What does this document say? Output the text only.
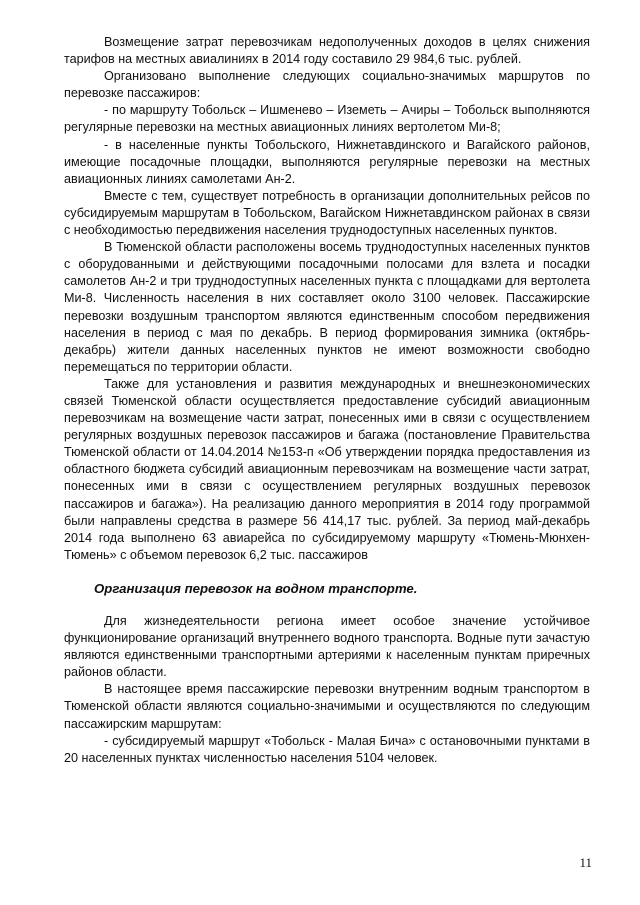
Возмещение затрат перевозчикам недополученных доходов в целях снижения тарифов на местных авиалиниях в 2014 году составило 29 984,6 тыс. рублей.

Организовано выполнение следующих социально-значимых маршрутов по перевозке пассажиров:

- по маршруту Тобольск – Ишменево – Иземеть – Ачиры – Тобольск выполняются регулярные перевозки на местных авиационных линиях вертолетом Ми-8;

- в населенные пункты Тобольского, Нижнетавдинского и Вагайского районов, имеющие посадочные площадки, выполняются регулярные перевозки на местных авиационных линиях самолетами Ан-2.

Вместе с тем, существует потребность в организации дополнительных рейсов по субсидируемым маршрутам в Тобольском, Вагайском Нижнетавдинском районах в связи с необходимостью передвижения населения труднодоступных населенных пунктов.

В Тюменской области расположены восемь труднодоступных населенных пунктов с оборудованными и действующими посадочными полосами для взлета и посадки самолетов Ан-2 и три труднодоступных населенных пункта с площадками для вертолета Ми-8. Численность населения в них составляет около 3100 человек. Пассажирские перевозки воздушным транспортом являются единственным способом передвижения населения в период с мая по декабрь. В период формирования зимника (октябрь-декабрь) жители данных населенных пунктов не имеют возможности свободно перемещаться по территории области.

Также для установления и развития международных и внешнеэкономических связей Тюменской области осуществляется предоставление субсидий авиационным перевозчикам на возмещение части затрат, понесенных ими в связи с осуществлением регулярных воздушных перевозок пассажиров и багажа (постановление Правительства Тюменской области от 14.04.2014 №153-п «Об утверждении порядка предоставления из областного бюджета субсидий авиационным перевозчикам на возмещение части затрат, понесенных ими в связи с осуществлением регулярных воздушных перевозок пассажиров и багажа»). На реализацию данного мероприятия в 2014 году программой были направлены средства в размере 56 414,17 тыс. рублей. За период май-декабрь 2014 года выполнено 63 авиарейса по субсидируемому маршруту «Тюмень-Мюнхен-Тюмень» с объемом перевозок 6,2 тыс. пассажиров

Организация перевозок на водном транспорте.

Для жизнедеятельности региона имеет особое значение устойчивое функционирование организаций внутреннего водного транспорта. Водные пути зачастую являются единственными транспортными артериями к населенным пунктам приречных районов области.

В настоящее время пассажирские перевозки внутренним водным транспортом в Тюменской области являются социально-значимыми и осуществляются по следующим пассажирским маршрутам:

- субсидируемый маршрут «Тобольск - Малая Бича» с остановочными пунктами в 20 населенных пунктах численностью населения 5104 человек.

11
